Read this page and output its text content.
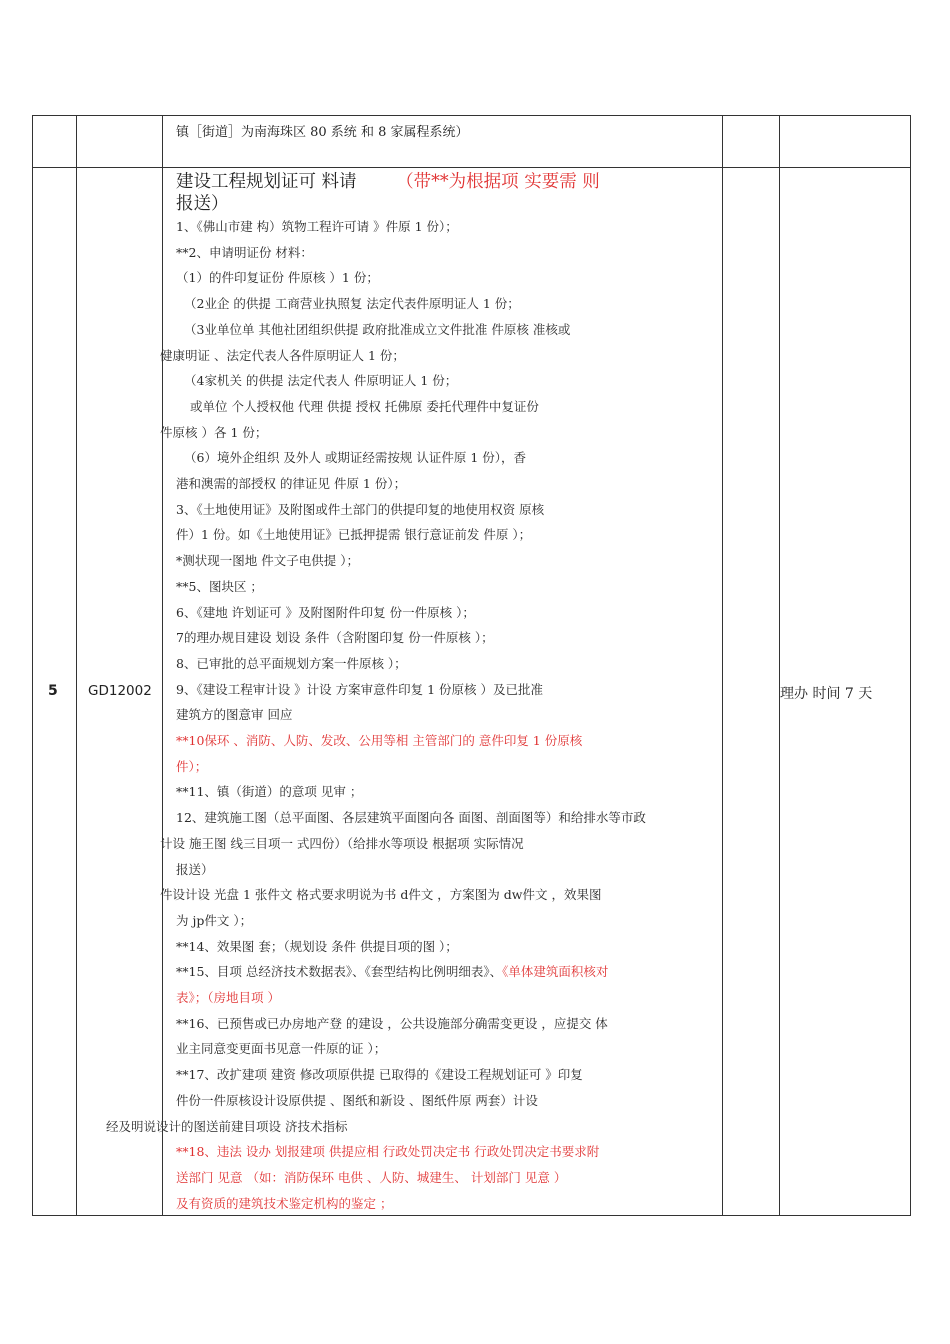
镇［街道］为南海珠区 80 系统 和 8 家属程系统）
5 GD12002	理办 时间 7 天
建设工程规划证可 料请 （带**为根据项 实要需 则
报送）
1、《佛山市建 构）筑物工程许可请 》件原 1 份）；
**2、申请明证份 材料：
（1）的件印复证份 件原核 ）1 份；
（2业企 的供提 工商营业执照复 法定代表件原明证人 1 份；
（3业单位单 其他社团组织供提 政府批准成立文件批准 件原核 准核或
健康明证 、法定代表人各件原明证人 1 份；
（4家机关 的供提 法定代表人 件原明证人 1 份；
或单位 个人授权他 代理 供提 授权 托佛原 委托代理件中复证份
件原核 ）各 1 份；
（6）境外企组织 及外人 或期证经需按规 认证件原 1 份），香
港和澳需的部授权 的律证见 件原 1 份）；
3、《土地使用证》及附图或件土部门的供提印复的地使用权资 原核
件）1 份。如《土地使用证》已抵押提需 银行意证前发 件原 ）；
*测状现一图地 件文子电供提 ）；
**5、图块区 ；
6、《建地 许划证可 》及附图附件印复 份一件原核 ）；
7的理办规目建设 划设 条件（含附图印复 份一件原核 ）；
8、已审批的总平面规划方案一件原核 ）；
9、《建设工程审计设 》计设 方案审意件印复 1 份原核 ）及已批准
建筑方的图意审 回应
**10保环 、消防、人防、发改、公用等相 主管部门的 意件印复 1 份原核
件）；
**11、镇（街道）的意项 见审 ；
12、建筑施工图（总平面图、各层建筑平面图向各 面图、剖面图等）和给排水等市政
计设 施王图 线三目项一 式四份）（给排水等项设 根据项 实际情况
报送）
件设计设 光盘 1 张件文 格式要求明说为书 d件文 ，方案图为 dw件文 ，效果图
为 jp件文 ）；
**14、效果图 套；（规划设 条件 供提目项的图 ）；
**15、目项 总经济技术数据表》、《套型结构比例明细表》、《单体建筑面积核对
表》；（房地目项 ）
**16、已预售或已办房地产登 的建设 ，公共设施部分确需变更设 ，应提交 体
业主同意变更面书见意一件原的证 ）；
**17、改扩建项 建资 修改项原供提 已取得的《建设工程规划证可 》印复
件份一件原核设计设原供提 、图纸和新设 、图纸件原 两套）计设
经及明说设计的图送前建目项设 济技术指标
**18、违法 设办 划报建项 供提应相 行政处罚决定书 行政处罚决定书要求附
送部门 见意 （如：消防保环 电供 、人防、城建生、 计划部门 见意 ）
及有资质的建筑技术鉴定机构的鉴定 ；
